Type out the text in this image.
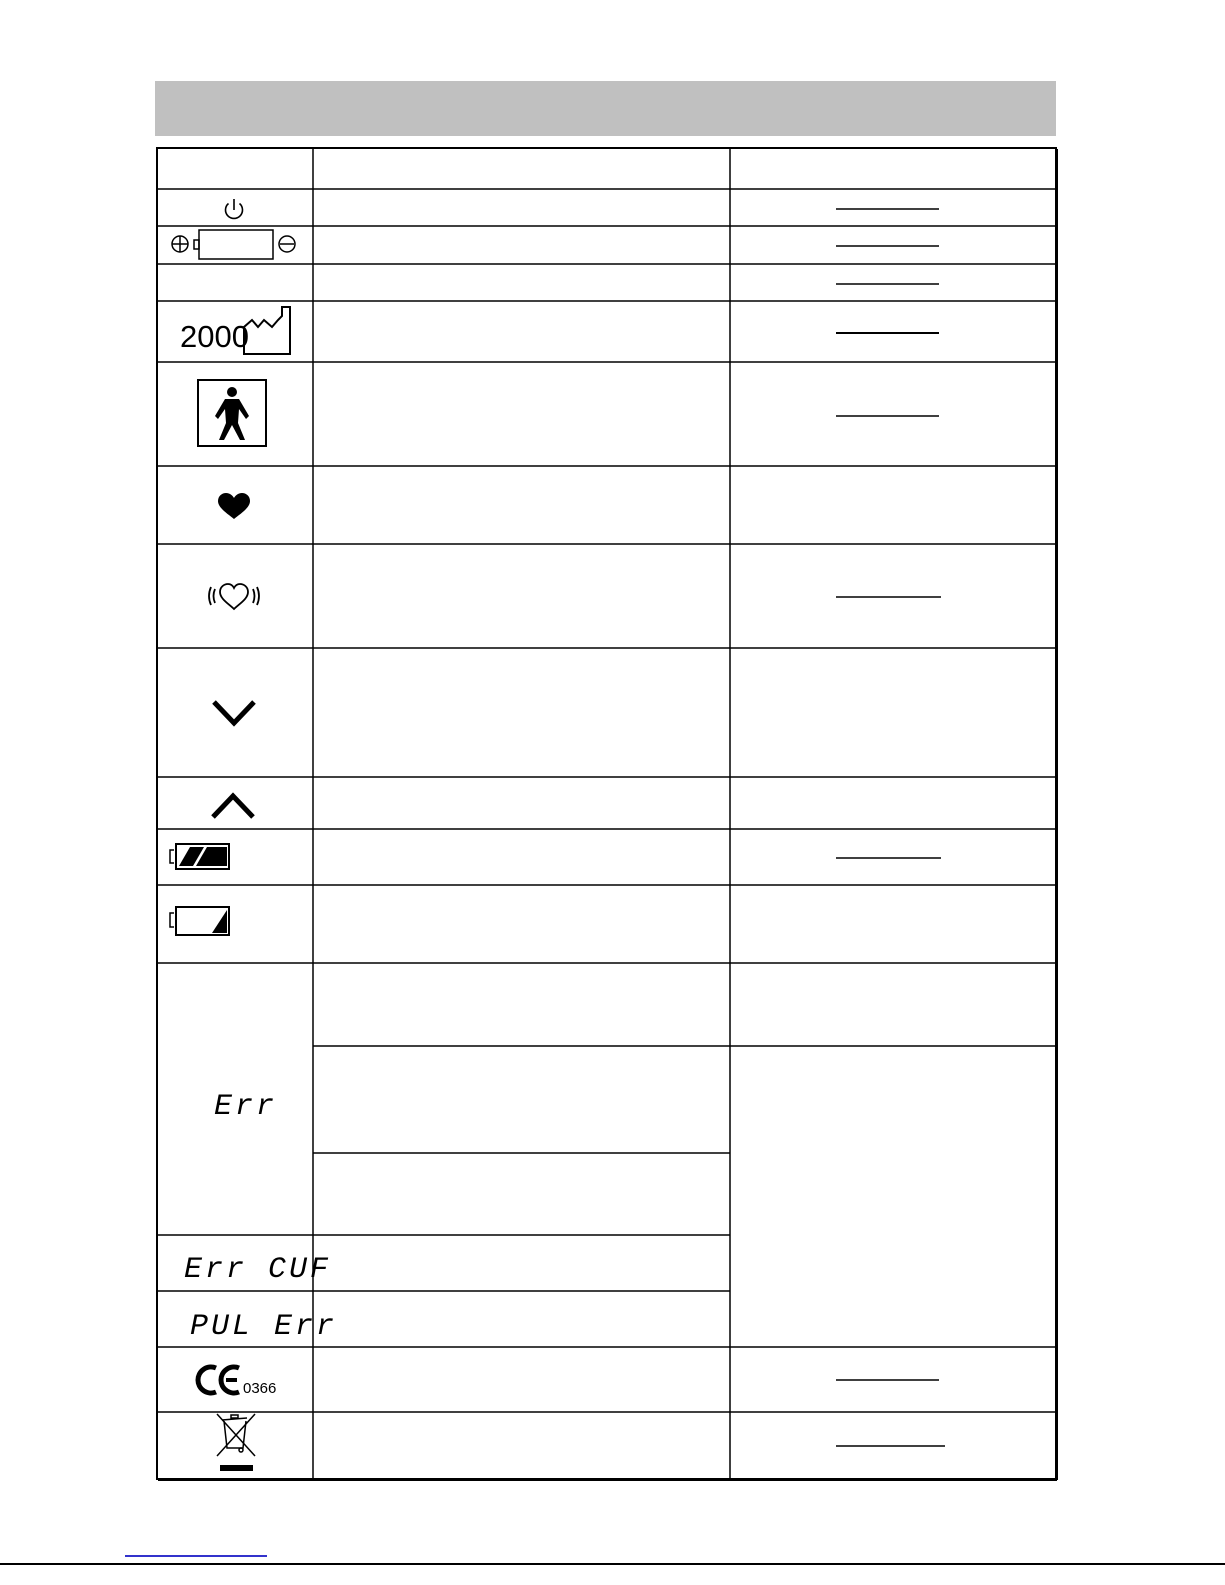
2000
Err
Err CUF
PUL Err
0366
